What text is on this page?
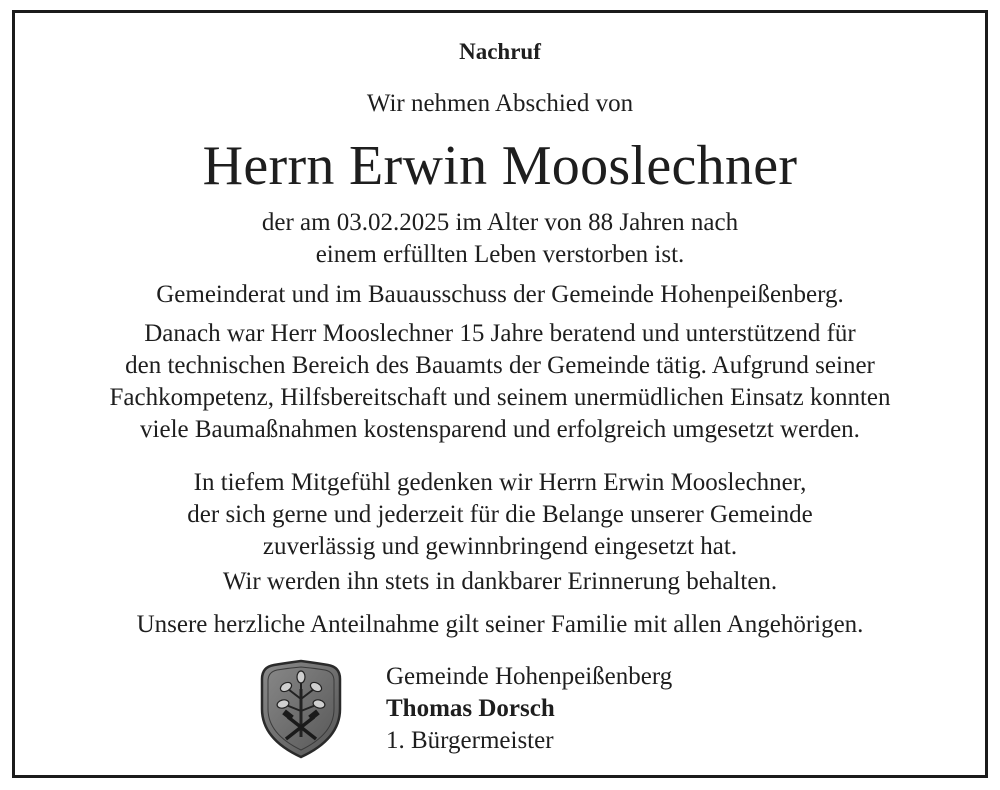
Nachruf
Wir nehmen Abschied von
Herrn Erwin Mooslechner
der am 03.02.2025 im Alter von 88 Jahren nach
einem erfüllten Leben verstorben ist.
Gemeinderat und im Bauausschuss der Gemeinde Hohenpeißenberg.
Danach war Herr Mooslechner 15 Jahre beratend und unterstützend für
den technischen Bereich des Bauamts der Gemeinde tätig. Aufgrund seiner
Fachkompetenz, Hilfsbereitschaft und seinem unermüdlichen Einsatz konnten
viele Baumaßnahmen kostensparend und erfolgreich umgesetzt werden.
In tiefem Mitgefühl gedenken wir Herrn Erwin Mooslechner,
der sich gerne und jederzeit für die Belange unserer Gemeinde
zuverlässig und gewinnbringend eingesetzt hat.
Wir werden ihn stets in dankbarer Erinnerung behalten.
Unsere herzliche Anteilnahme gilt seiner Familie mit allen Angehörigen.
Gemeinde Hohenpeißenberg
Thomas Dorsch
1. Bürgermeister
